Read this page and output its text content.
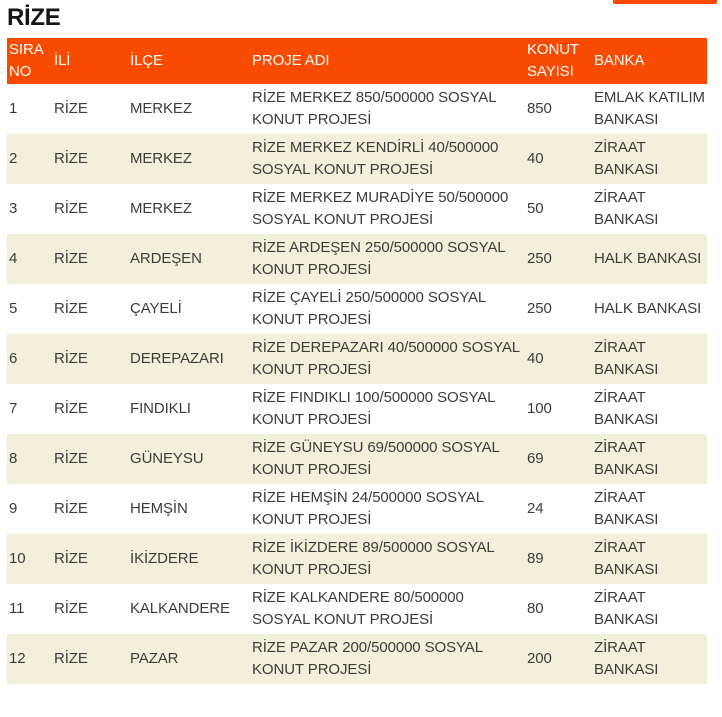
RİZE
SIRA NO	İLİ	İLÇE	PROJE ADI	KONUT SAYISI	BANKA
1	RİZE	MERKEZ	RİZE MERKEZ 850/500000 SOSYAL KONUT PROJESİ	850	EMLAK KATILIM BANKASI
2	RİZE	MERKEZ	RİZE MERKEZ KENDİRLİ 40/500000 SOSYAL KONUT PROJESİ	40	ZİRAAT BANKASI
3	RİZE	MERKEZ	RİZE MERKEZ MURADİYE 50/500000 SOSYAL KONUT PROJESİ	50	ZİRAAT BANKASI
4	RİZE	ARDEŞEN	RİZE ARDEŞEN 250/500000 SOSYAL KONUT PROJESİ	250	HALK BANKASI
5	RİZE	ÇAYELİ	RİZE ÇAYELİ 250/500000 SOSYAL KONUT PROJESİ	250	HALK BANKASI
6	RİZE	DEREPAZARI	RİZE DEREPAZARI 40/500000 SOSYAL KONUT PROJESİ	40	ZİRAAT BANKASI
7	RİZE	FINDIKLI	RİZE FINDIKLI 100/500000 SOSYAL KONUT PROJESİ	100	ZİRAAT BANKASI
8	RİZE	GÜNEYSU	RİZE GÜNEYSU 69/500000 SOSYAL KONUT PROJESİ	69	ZİRAAT BANKASI
9	RİZE	HEMŞİN	RİZE HEMŞİN 24/500000 SOSYAL KONUT PROJESİ	24	ZİRAAT BANKASI
10	RİZE	İKİZDERE	RİZE İKİZDERE 89/500000 SOSYAL KONUT PROJESİ	89	ZİRAAT BANKASI
11	RİZE	KALKANDERE	RİZE KALKANDERE 80/500000 SOSYAL KONUT PROJESİ	80	ZİRAAT BANKASI
12	RİZE	PAZAR	RİZE PAZAR 200/500000 SOSYAL KONUT PROJESİ	200	ZİRAAT BANKASI
